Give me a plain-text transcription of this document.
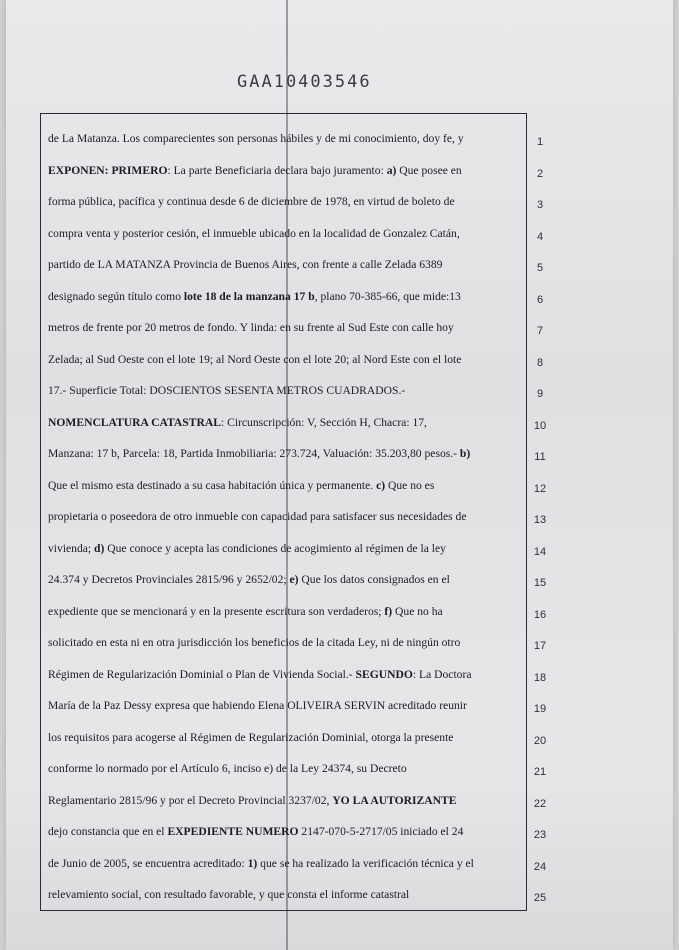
GAA10403546
de La Matanza. Los comparecientes son personas hábiles y de mi conocimiento, doy fe, y	1
EXPONEN: PRIMERO: La parte Beneficiaria declara bajo juramento: a) Que posee en	2
forma pública, pacífica y continua desde 6 de diciembre de 1978, en virtud de boleto de	3
compra venta y posterior cesión, el inmueble ubicado en la localidad de Gonzalez Catán,	4
partido de LA MATANZA Provincia de Buenos Aires, con frente a calle Zelada 6389	5
designado según título como lote 18 de la manzana 17 b, plano 70-385-66, que mide:13	6
metros de frente por 20 metros de fondo. Y linda: en su frente al Sud Este con calle hoy	7
Zelada; al Sud Oeste con el lote 19; al Nord Oeste con el lote 20; al Nord Este con el lote	8
17.- Superficie Total: DOSCIENTOS SESENTA METROS CUADRADOS.-	9
NOMENCLATURA CATASTRAL: Circunscripción: V, Sección H, Chacra: 17,	10
Manzana: 17 b, Parcela: 18, Partida Inmobiliaria: 273.724, Valuación: 35.203,80 pesos.- b)	11
Que el mismo esta destinado a su casa habitación única y permanente. c) Que no es	12
propietaria o poseedora de otro inmueble con capacidad para satisfacer sus necesidades de	13
vivienda; d) Que conoce y acepta las condiciones de acogimiento al régimen de la ley	14
24.374 y Decretos Provinciales 2815/96 y 2652/02; e) Que los datos consignados en el	15
expediente que se mencionará y en la presente escritura son verdaderos; f) Que no ha	16
solicitado en esta ni en otra jurisdicción los beneficios de la citada Ley, ni de ningún otro	17
Régimen de Regularización Dominial o Plan de Vivienda Social.- SEGUNDO: La Doctora	18
María de la Paz Dessy expresa que habiendo Elena OLIVEIRA SERVIN acreditado reunir	19
los requisitos para acogerse al Régimen de Regularización Dominial, otorga la presente	20
conforme lo normado por el Artículo 6, inciso e) de la Ley 24374, su Decreto	21
Reglamentario 2815/96 y por el Decreto Provincial 3237/02, YO LA AUTORIZANTE	22
dejo constancia que en el EXPEDIENTE NUMERO 2147-070-5-2717/05 iniciado el 24	23
de Junio de 2005, se encuentra acreditado: 1) que se ha realizado la verificación técnica y el	24
relevamiento social, con resultado favorable, y que consta el informe catastral	25
